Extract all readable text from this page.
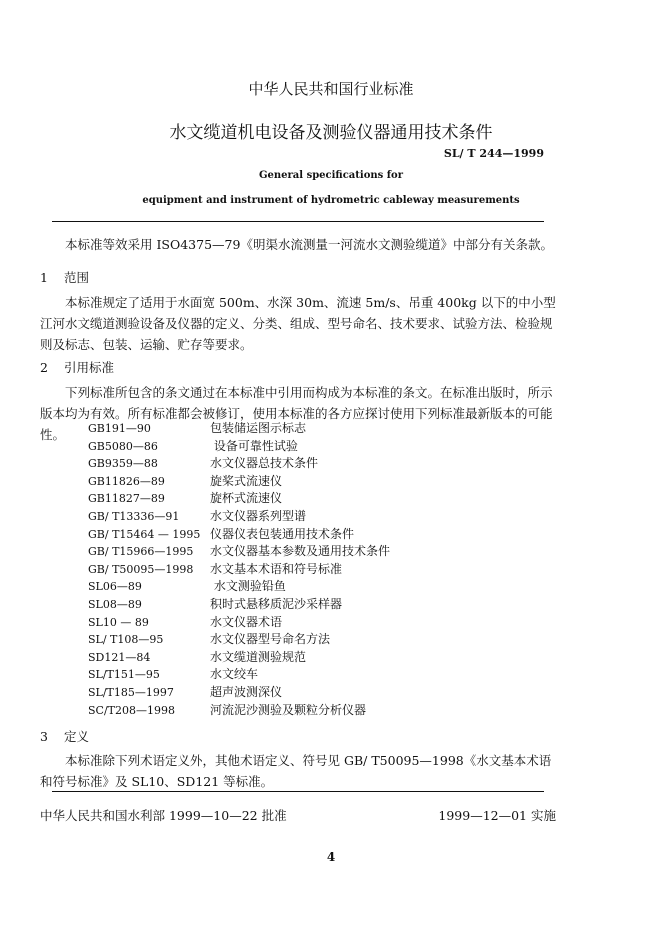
中华人民共和国行业标准
水文缆道机电设备及测验仪器通用技术条件
SL/ T 244—1999
General specifications for
equipment and instrument of hydrometric cableway measurements
本标准等效采用 ISO4375—79《明渠水流测量一河流水文测验缆道》中部分有关条款。
1 范围
本标准规定了适用于水面宽 500m、水深 30m、流速 5m/s、吊重 400kg 以下的中小型江河水文缆道测验设备及仪器的定义、分类、组成、型号命名、技术要求、试验方法、检验规则及标志、包装、运输、贮存等要求。
2 引用标准
下列标准所包含的条文通过在本标准中引用而构成为本标准的条文。在标准出版时，所示版本均为有效。所有标准都会被修订，使用本标准的各方应探讨使用下列标准最新版本的可能性。	GB191—90	包装储运图示标志
GB5080—86	设备可靠性试验
GB9359—88	水文仪器总技术条件
GB11826—89	旋桨式流速仪
GB11827—89	旋杯式流速仪
GB/ T13336—91	水文仪器系列型谱
GB/ T15464 — 1995 仪器仪表包装通用技术条件
GB/ T15966—1995 水文仪器基本参数及通用技术条件
GB/ T50095—1998 水文基本术语和符号标准
SL06—89	水文测验铅鱼
SL08—89	积时式悬移质泥沙采样器
SL10 — 89	水文仪器术语
SL/ T108—95	水文仪器型号命名方法
SD121—84	水文缆道测验规范
SL/T151—95	水文绞车
SL/T185—1997	超声波测深仪
SC/T208—1998	河流泥沙测验及颗粒分析仪器
3 定义
本标准除下列术语定义外，其他术语定义、符号见 GB/ T50095—1998《水文基本术语和符号标准》及 SL10、SD121 等标准。
中华人民共和国水利部 1999—10—22 批准	1999—12—01 实施
4
